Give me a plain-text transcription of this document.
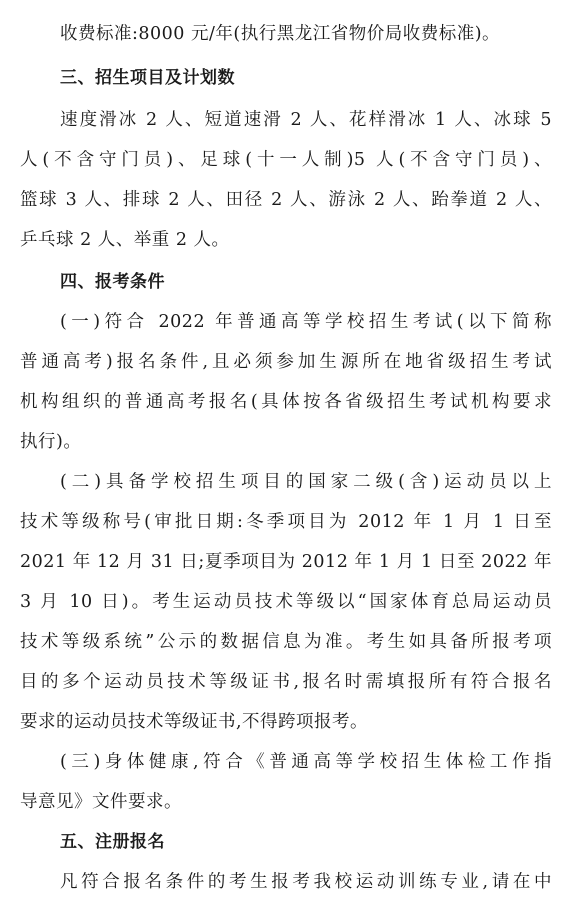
收费标准:8000 元/年(执行黑龙江省物价局收费标准)。
三、招生项目及计划数
速度滑冰 2 人、短道速滑 2 人、花样滑冰 1 人、冰球 5
人(不含守门员)、足球(十一人制)5 人(不含守门员)、
篮球 3 人、排球 2 人、田径 2 人、游泳 2 人、跆拳道 2 人、
乒乓球 2 人、举重 2 人。
四、报考条件
(一)符合 2022 年普通高等学校招生考试(以下简称
普通高考)报名条件,且必须参加生源所在地省级招生考试
机构组织的普通高考报名(具体按各省级招生考试机构要求
执行)。
(二)具备学校招生项目的国家二级(含)运动员以上
技术等级称号(审批日期:冬季项目为 2012 年 1 月 1 日至
2021 年 12 月 31 日;夏季项目为 2012 年 1 月 1 日至 2022 年
3 月 10 日)。考生运动员技术等级以“国家体育总局运动员
技术等级系统”公示的数据信息为准。考生如具备所报考项
目的多个运动员技术等级证书,报名时需填报所有符合报名
要求的运动员技术等级证书,不得跨项报考。
(三)身体健康,符合《普通高等学校招生体检工作指
导意见》文件要求。
五、注册报名
凡符合报名条件的考生报考我校运动训练专业,请在中
